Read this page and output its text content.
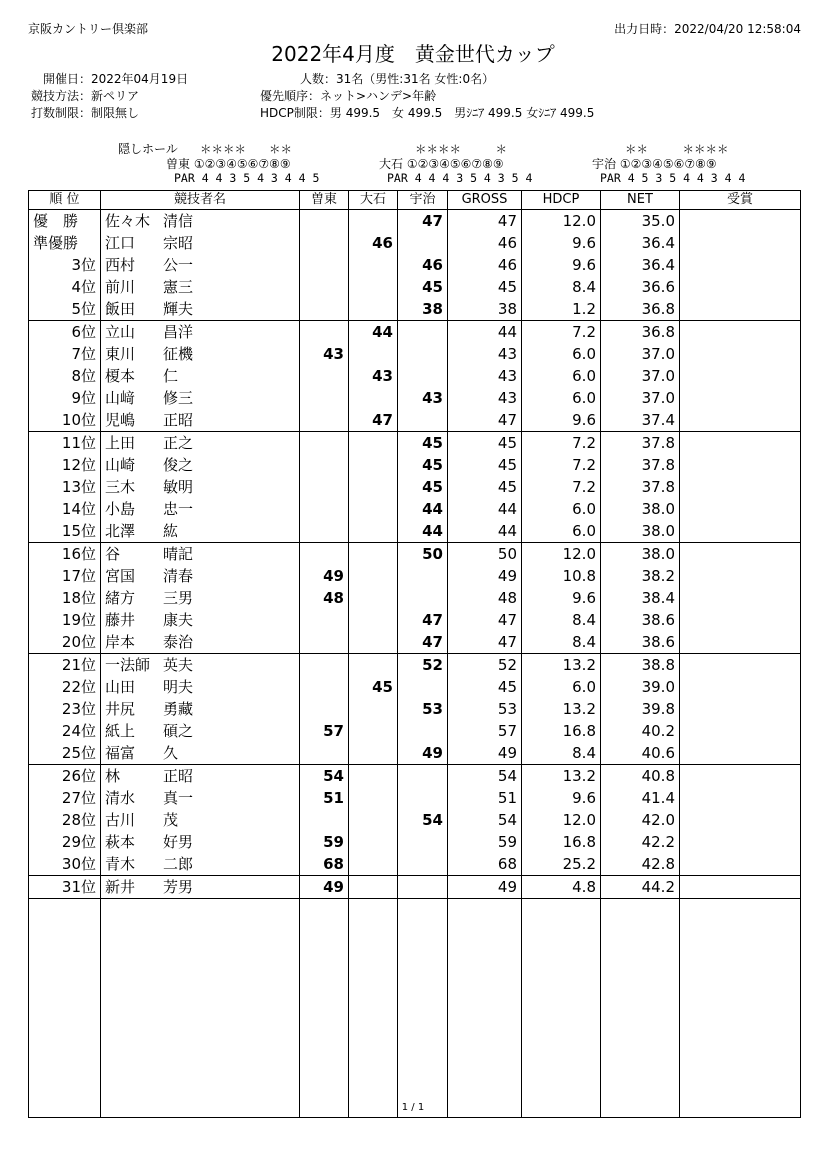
京阪カントリー倶楽部	出力日時：2022/04/20 12:58:04
2022年4月度　黄金世代カップ
開催日：2022年04月19日
競技方法：新ペリア
打数制限：制限無し
人数：31名（男性:31名 女性:0名）
優先順序：ネット>ハンデ>年齢
HDCP制限：男 499.5　女 499.5　男ｼﾆｱ 499.5 女ｼﾆｱ 499.5
隠しホール ＊＊＊＊　　＊＊	＊＊＊＊　　　＊	＊＊　　　＊＊＊＊
曽東 ①②③④⑤⑥⑦⑧⑨	大石 ①②③④⑤⑥⑦⑧⑨	宇治 ①②③④⑤⑥⑦⑧⑨
PAR 4 4 3 5 4 3 4 4 5	PAR 4 4 4 3 5 4 3 5 4	PAR 4 5 3 5 4 4 3 4 4
順 位	競技者名	曽東	大石	宇治	GROSS	HDCP	NET	受賞
優　勝	佐々木 清信			47	47	12.0	35.0	
準優勝	江口 宗昭		46		46	9.6	36.4	
3位	西村 公一			46	46	9.6	36.4	
4位	前川 憲三			45	45	8.4	36.6	
5位	飯田 輝夫			38	38	1.2	36.8	
6位	立山 昌洋		44		44	7.2	36.8	
7位	東川 征機	43			43	6.0	37.0	
8位	榎本 仁		43		43	6.0	37.0	
9位	山﨑 修三			43	43	6.0	37.0	
10位	児嶋 正昭		47		47	9.6	37.4	
11位	上田 正之			45	45	7.2	37.8	
12位	山崎 俊之			45	45	7.2	37.8	
13位	三木 敏明			45	45	7.2	37.8	
14位	小島 忠一			44	44	6.0	38.0	
15位	北澤 紘			44	44	6.0	38.0	
16位	谷 晴記			50	50	12.0	38.0	
17位	宮国 清春	49			49	10.8	38.2	
18位	緒方 三男	48			48	9.6	38.4	
19位	藤井 康夫			47	47	8.4	38.6	
20位	岸本 泰治			47	47	8.4	38.6	
21位	一法師 英夫			52	52	13.2	38.8	
22位	山田 明夫		45		45	6.0	39.0	
23位	井尻 勇藏			53	53	13.2	39.8	
24位	紙上 碩之	57			57	16.8	40.2	
25位	福富 久			49	49	8.4	40.6	
26位	林 正昭	54			54	13.2	40.8	
27位	清水 真一	51			51	9.6	41.4	
28位	古川 茂			54	54	12.0	42.0	
29位	萩本 好男	59			59	16.8	42.2	
30位	青木 二郎	68			68	25.2	42.8	
31位	新井 芳男	49			49	4.8	44.2	

1 / 1
